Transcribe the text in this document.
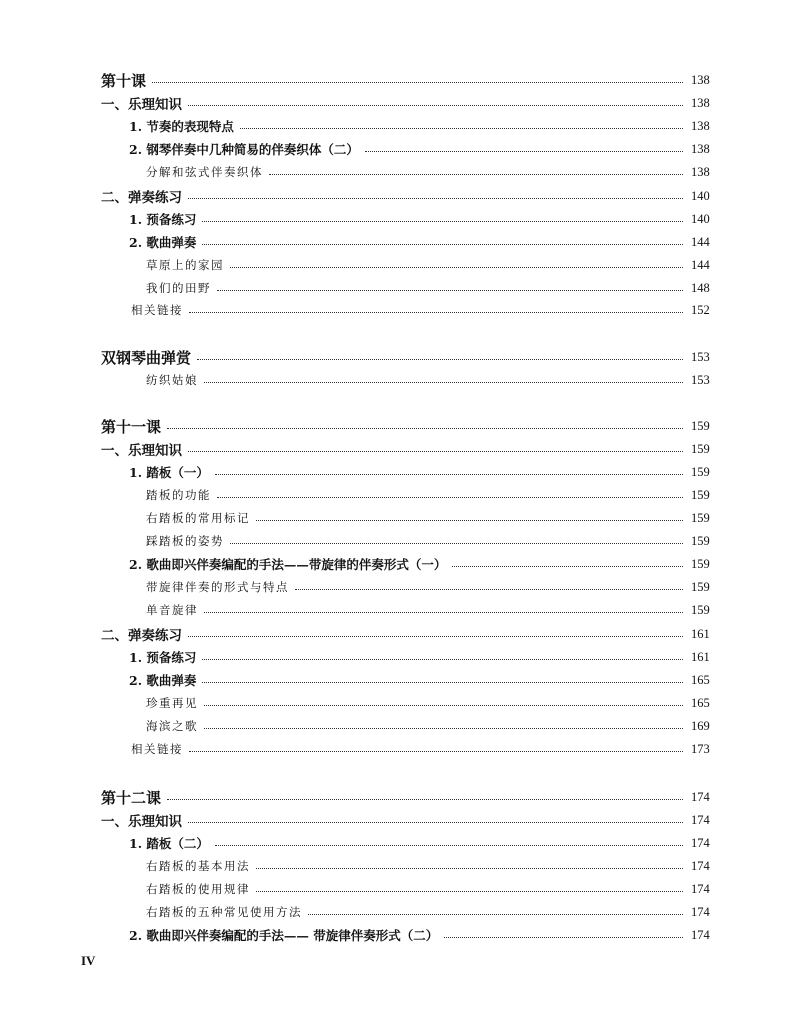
第十课	138
一、乐理知识	138
1. 节奏的表现特点	138
2. 钢琴伴奏中几种简易的伴奏织体（二）	138
分解和弦式伴奏织体	138
二、弹奏练习	140
1. 预备练习	140
2. 歌曲弹奏	144
草原上的家园	144
我们的田野	148
相关链接	152
双钢琴曲弹赏	153
纺织姑娘	153
第十一课	159
一、乐理知识	159
1. 踏板（一）	159
踏板的功能	159
右踏板的常用标记	159
踩踏板的姿势	159
2. 歌曲即兴伴奏编配的手法——带旋律的伴奏形式（一）	159
带旋律伴奏的形式与特点	159
单音旋律	159
二、弹奏练习	161
1. 预备练习	161
2. 歌曲弹奏	165
珍重再见	165
海滨之歌	169
相关链接	173
第十二课	174
一、乐理知识	174
1. 踏板（二）	174
右踏板的基本用法	174
右踏板的使用规律	174
右踏板的五种常见使用方法	174
2. 歌曲即兴伴奏编配的手法—— 带旋律伴奏形式（二）	174
IV
